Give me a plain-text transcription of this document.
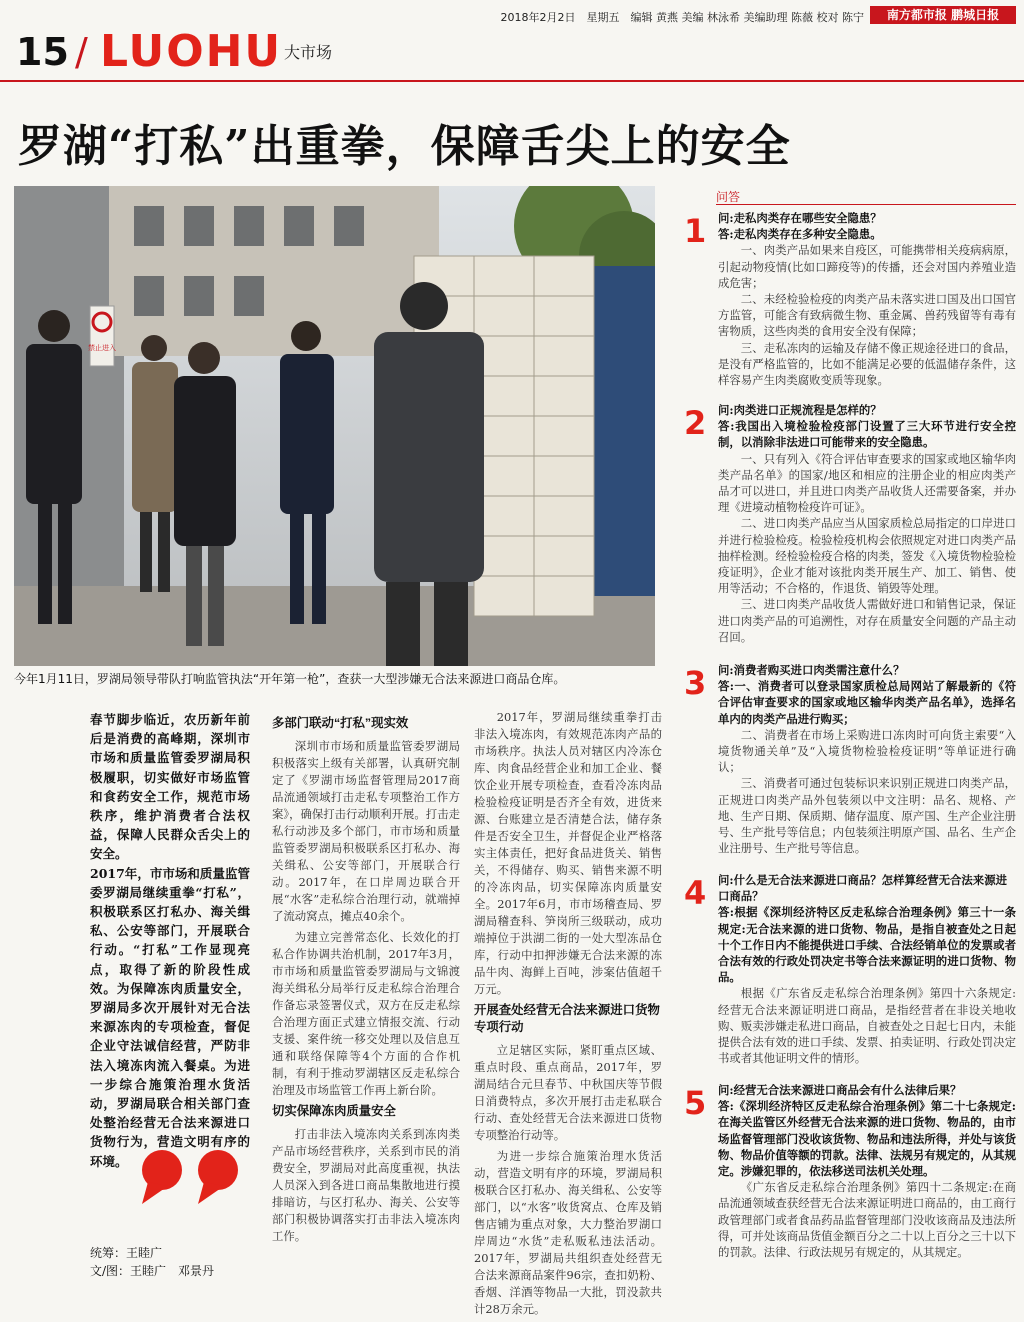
2018年2月2日　星期五　编辑 黄燕 美编 林泳希 美编助理 陈薇 校对 陈宁	南方都市报 鹏城日报
15 / LUOHU 大市场
罗湖“打私”出重拳，保障舌尖上的安全
禁止进入
今年1月11日，罗湖局领导带队打响监管执法“开年第一枪”，查获一大型涉嫌无合法来源进口商品仓库。

春节脚步临近，农历新年前后是消费的高峰期，深圳市市场和质量监管委罗湖局积极履职，切实做好市场监管和食药安全工作，规范市场秩序，维护消费者合法权益，保障人民群众舌尖上的安全。

2017年，市市场和质量监管委罗湖局继续重拳“打私”，积极联系区打私办、海关缉私、公安等部门，开展联合行动。“打私”工作显现亮点，取得了新的阶段性成效。为保障冻肉质量安全，罗湖局多次开展针对无合法来源冻肉的专项检查，督促企业守法诚信经营，严防非法入境冻肉流入餐桌。为进一步综合施策治理水货活动，罗湖局联合相关部门查处整治经营无合法来源进口货物行为，营造文明有序的环境。

统筹：王睦广
文/图：王睦广　邓景丹
多部门联动“打私”现实效

深圳市市场和质量监管委罗湖局积极落实上级有关部署，认真研究制定了《罗湖市场监督管理局2017商品流通领域打击走私专项整治工作方案》，确保打击行动顺利开展。打击走私行动涉及多个部门，市市场和质量监管委罗湖局积极联系区打私办、海关缉私、公安等部门，开展联合行动。2017年，在口岸周边联合开展“水客”走私综合治理行动，就端掉了流动窝点，摊点40余个。

为建立完善常态化、长效化的打私合作协调共治机制，2017年3月，市市场和质量监管委罗湖局与文锦渡海关缉私分局举行反走私综合治理合作备忘录签署仪式，双方在反走私综合治理方面正式建立情报交流、行动支援、案件统一移交处理以及信息互通和联络保障等4个方面的合作机制，有利于推动罗湖辖区反走私综合治理及市场监管工作再上新台阶。

切实保障冻肉质量安全

打击非法入境冻肉关系到冻肉类产品市场经营秩序，关系到市民的消费安全，罗湖局对此高度重视，执法人员深入到各进口商品集散地进行摸排暗访，与区打私办、海关、公安等部门积极协调落实打击非法入境冻肉工作。

2017年，罗湖局继续重拳打击非法入境冻肉，有效规范冻肉产品的市场秩序。执法人员对辖区内冷冻仓库、肉食品经营企业和加工企业、餐饮企业开展专项检查，查看冷冻肉品检验检疫证明是否齐全有效，进货来源、台账建立是否清楚合法，储存条件是否安全卫生，并督促企业严格落实主体责任，把好食品进货关、销售关，不得储存、购买、销售来源不明的冷冻肉品，切实保障冻肉质量安全。2017年6月，市市场稽查局、罗湖局稽查科、笋岗所三级联动，成功端掉位于洪湖二街的一处大型冻品仓库，行动中扣押涉嫌无合法来源的冻品牛肉、海鲜上百吨，涉案估值超千万元。

开展查处经营无合法来源进口货物专项行动

立足辖区实际，紧盯重点区域、重点时段、重点商品，2017年，罗湖局结合元旦春节、中秋国庆等节假日消费特点，多次开展打击走私联合行动、查处经营无合法来源进口货物专项整治行动等。

为进一步综合施策治理水货活动，营造文明有序的环境，罗湖局积极联合区打私办、海关缉私、公安等部门，以“水客”收货窝点、仓库及销售店铺为重点对象，大力整治罗湖口岸周边“水货”走私贩私违法活动。2017年，罗湖局共组织查处经营无合法来源商品案件96宗，查扣奶粉、香烟、洋酒等物品一大批，罚没款共计28万余元。

问答
1 问:走私肉类存在哪些安全隐患？

答:走私肉类存在多种安全隐患。

一、肉类产品如果来自疫区，可能携带相关疫病病原，引起动物疫情(比如口蹄疫等)的传播，还会对国内养殖业造成危害；

二、未经检验检疫的肉类产品未落实进口国及出口国官方监管，可能含有致病微生物、重金属、兽药残留等有毒有害物质，这些肉类的食用安全没有保障；

三、走私冻肉的运输及存储不像正规途径进口的食品，是没有严格监管的，比如不能满足必要的低温储存条件，这样容易产生肉类腐败变质等现象。

2 问:肉类进口正规流程是怎样的？

答:我国出入境检验检疫部门设置了三大环节进行安全控制，以消除非法进口可能带来的安全隐患。

一、只有列入《符合评估审查要求的国家或地区输华肉类产品名单》的国家/地区和相应的注册企业的相应肉类产品才可以进口，并且进口肉类产品收货人还需要备案，并办理《进境动植物检疫许可证》。

二、进口肉类产品应当从国家质检总局指定的口岸进口并进行检验检疫。检验检疫机构会依照规定对进口肉类产品抽样检测。经检验检疫合格的肉类，签发《入境货物检验检疫证明》，企业才能对该批肉类开展生产、加工、销售、使用等活动；不合格的，作退货、销毁等处理。

三、进口肉类产品收货人需做好进口和销售记录，保证进口肉类产品的可追溯性，对存在质量安全问题的产品主动召回。

3 问:消费者购买进口肉类需注意什么？

答:一、消费者可以登录国家质检总局网站了解最新的《符合评估审查要求的国家或地区输华肉类产品名单》，选择名单内的肉类产品进行购买；

二、消费者在市场上采购进口冻肉时可向货主索要“入境货物通关单”及“入境货物检验检疫证明”等单证进行确认；

三、消费者可通过包装标识来识别正规进口肉类产品，正规进口肉类产品外包装须以中文注明：品名、规格、产地、生产日期、保质期、储存温度、原产国、生产企业注册号、生产批号等信息；内包装须注明原产国、品名、生产企业注册号、生产批号等信息。

4 问:什么是无合法来源进口商品？怎样算经营无合法来源进口商品？

答:根据《深圳经济特区反走私综合治理条例》第三十一条规定:无合法来源的进口货物、物品，是指自被查处之日起十个工作日内不能提供进口手续、合法经销单位的发票或者合法有效的行政处罚决定书等合法来源证明的进口货物、物品。

根据《广东省反走私综合治理条例》第四十六条规定:经营无合法来源证明进口商品，是指经营者在非设关地收购、贩卖涉嫌走私进口商品，自被查处之日起七日内，未能提供合法有效的进口手续、发票、拍卖证明、行政处罚决定书或者其他证明文件的情形。

5 问:经营无合法来源进口商品会有什么法律后果？

答:《深圳经济特区反走私综合治理条例》第二十七条规定:在海关监管区外经营无合法来源的进口货物、物品的，由市场监督管理部门没收该货物、物品和违法所得，并处与该货物、物品价值等额的罚款。法律、法规另有规定的，从其规定。涉嫌犯罪的，依法移送司法机关处理。

《广东省反走私综合治理条例》第四十二条规定:在商品流通领域查获经营无合法来源证明进口商品的，由工商行政管理部门或者食品药品监督管理部门没收该商品及违法所得，可并处该商品货值金额百分之二十以上百分之三十以下的罚款。法律、行政法规另有规定的，从其规定。
